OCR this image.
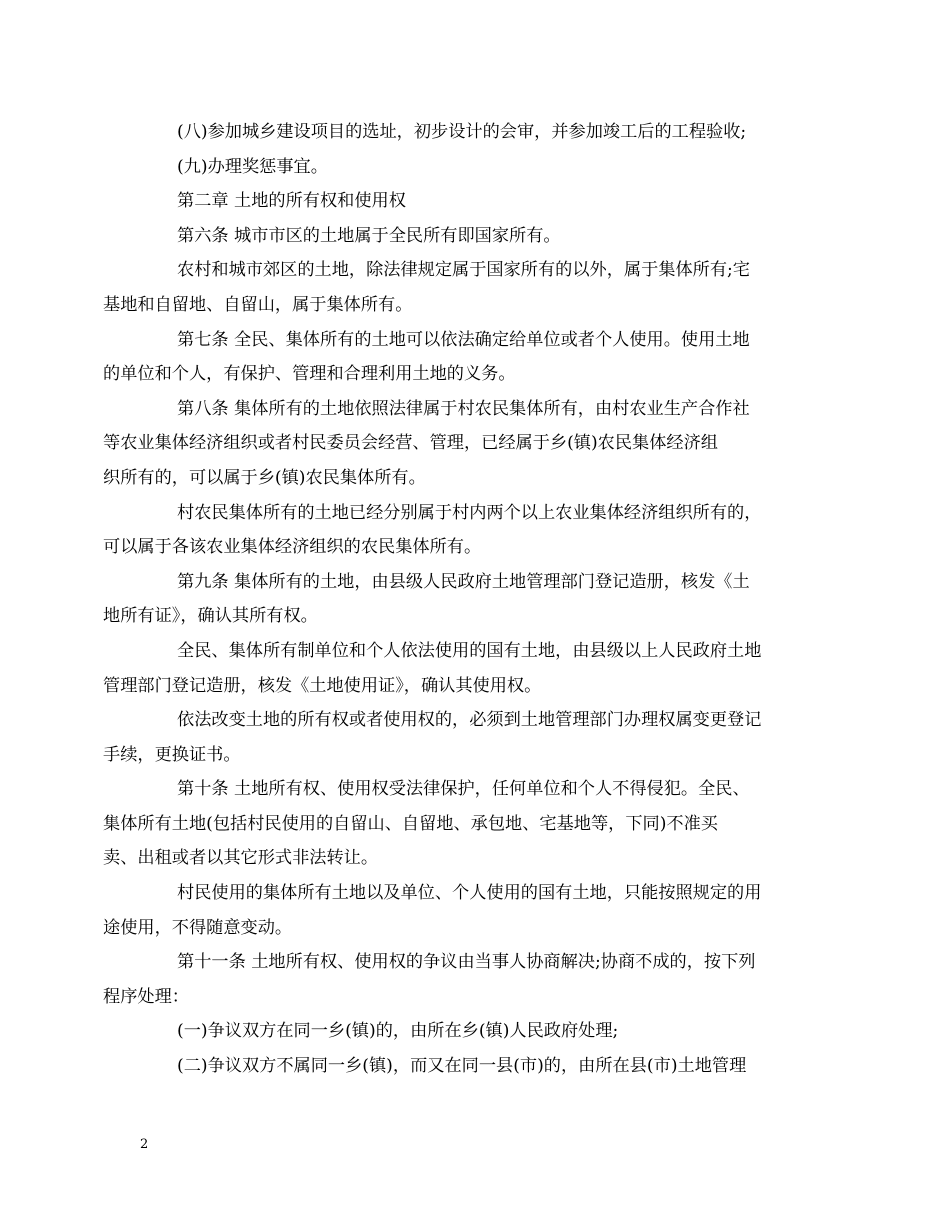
(八)参加城乡建设项目的选址，初步设计的会审，并参加竣工后的工程验收;

(九)办理奖惩事宜。

第二章 土地的所有权和使用权

第六条 城市市区的土地属于全民所有即国家所有。

农村和城市郊区的土地，除法律规定属于国家所有的以外，属于集体所有;宅
基地和自留地、自留山，属于集体所有。

第七条 全民、集体所有的土地可以依法确定给单位或者个人使用。使用土地
的单位和个人，有保护、管理和合理利用土地的义务。

第八条 集体所有的土地依照法律属于村农民集体所有，由村农业生产合作社
等农业集体经济组织或者村民委员会经营、管理，已经属于乡(镇)农民集体经济组
织所有的，可以属于乡(镇)农民集体所有。

村农民集体所有的土地已经分别属于村内两个以上农业集体经济组织所有的，
可以属于各该农业集体经济组织的农民集体所有。

第九条 集体所有的土地，由县级人民政府土地管理部门登记造册，核发《土
地所有证》，确认其所有权。

全民、集体所有制单位和个人依法使用的国有土地，由县级以上人民政府土地
管理部门登记造册，核发《土地使用证》，确认其使用权。

依法改变土地的所有权或者使用权的，必须到土地管理部门办理权属变更登记
手续，更换证书。

第十条 土地所有权、使用权受法律保护，任何单位和个人不得侵犯。全民、
集体所有土地(包括村民使用的自留山、自留地、承包地、宅基地等，下同)不准买
卖、出租或者以其它形式非法转让。

村民使用的集体所有土地以及单位、个人使用的国有土地，只能按照规定的用
途使用，不得随意变动。

第十一条 土地所有权、使用权的争议由当事人协商解决;协商不成的，按下列
程序处理：

(一)争议双方在同一乡(镇)的，由所在乡(镇)人民政府处理;

(二)争议双方不属同一乡(镇)，而又在同一县(市)的，由所在县(市)土地管理

2
